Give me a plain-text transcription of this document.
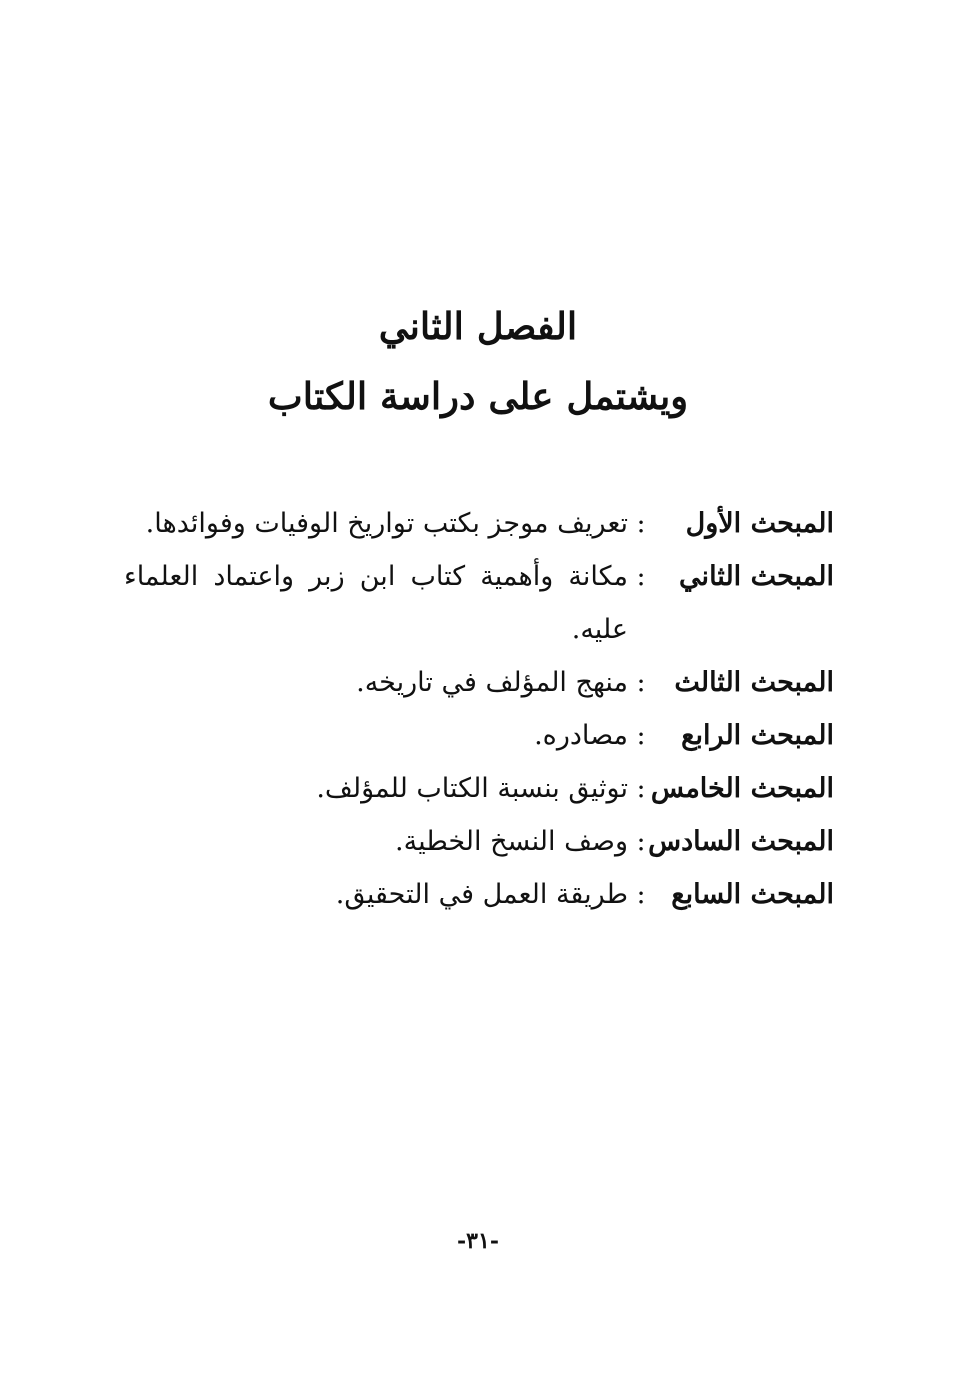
الفصل الثاني
ويشتمل على دراسة الكتاب
المبحث الأول
:
تعريف موجز بكتب تواريخ الوفيات وفوائدها.
المبحث الثاني
:
مكانة وأهمية كتاب ابن زبر واعتماد العلماء عليه.
المبحث الثالث
:
منهج المؤلف في تاريخه.
المبحث الرابع
:
مصادره.
المبحث الخامس
:
توثيق بنسبة الكتاب للمؤلف.
المبحث السادس
:
وصف النسخ الخطية.
المبحث السابع
:
طريقة العمل في التحقيق.
-٣١-
